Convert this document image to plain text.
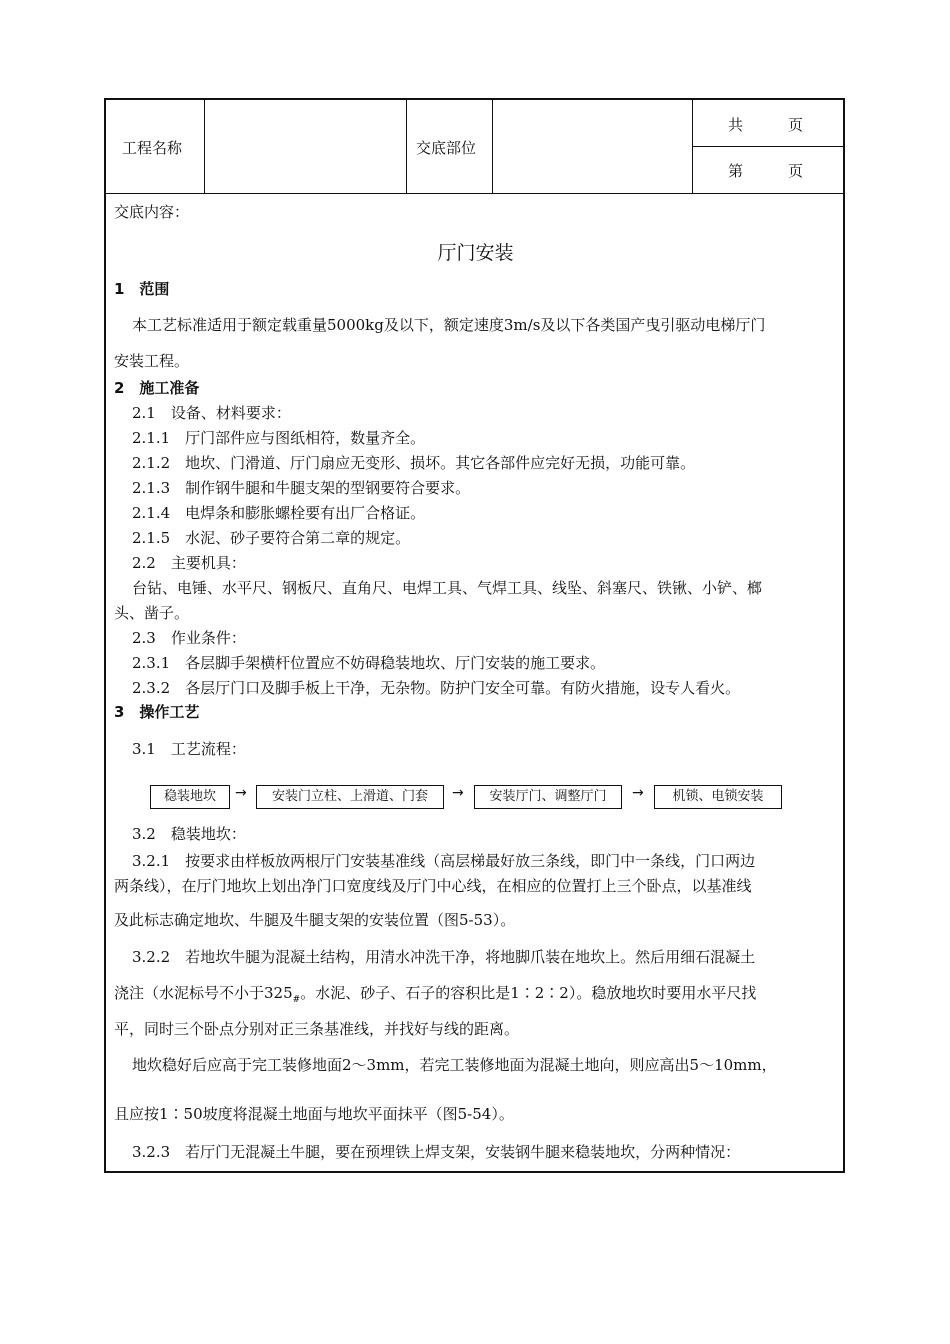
工程名称	交底部位
共　　　页
第　　　页
交底内容：
厅门安装
1　范围
本工艺标准适用于额定载重量5000kg及以下，额定速度3m/s及以下各类国产曳引驱动电梯厅门
安装工程。
2　施工准备
2.1　设备、材料要求：
2.1.1　厅门部件应与图纸相符，数量齐全。
2.1.2　地坎、门滑道、厅门扇应无变形、损坏。其它各部件应完好无损，功能可靠。
2.1.3　制作钢牛腿和牛腿支架的型钢要符合要求。
2.1.4　电焊条和膨胀螺栓要有出厂合格证。
2.1.5　水泥、砂子要符合第二章的规定。
2.2　主要机具：
台钻、电锤、水平尺、钢板尺、直角尺、电焊工具、气焊工具、线坠、斜塞尺、铁锹、小铲、榔
头、凿子。
2.3　作业条件：
2.3.1　各层脚手架横杆位置应不妨碍稳装地坎、厅门安装的施工要求。
2.3.2　各层厅门口及脚手板上干净，无杂物。防护门安全可靠。有防火措施，设专人看火。
3　操作工艺
3.1　工艺流程：
稳装地坎	→	安装门立柱、上滑道、门套	→	安装厅门、调整厅门	→	机锁、电锁安装
3.2　稳装地坎：
3.2.1　按要求由样板放两根厅门安装基准线（高层梯最好放三条线，即门中一条线，门口两边
两条线），在厅门地坎上划出净门口宽度线及厅门中心线，在相应的位置打上三个卧点，以基准线
及此标志确定地坎、牛腿及牛腿支架的安装位置（图5-53）。
3.2.2　若地坎牛腿为混凝土结构，用清水冲洗干净，将地脚爪装在地坎上。然后用细石混凝土
浇注（水泥标号不小于$325_{\#}$。水泥、砂子、石子的容积比是1∶2∶2）。稳放地坎时要用水平尺找
平，同时三个卧点分别对正三条基准线，并找好与线的距离。
地炊稳好后应高于完工装修地面2～3mm，若完工装修地面为混凝土地向，则应高出5～10mm，
且应按1∶50坡度将混凝土地面与地坎平面抹平（图5-54）。
3.2.3　若厅门无混凝土牛腿，要在预埋铁上焊支架，安装钢牛腿来稳装地坎，分两种情况：
